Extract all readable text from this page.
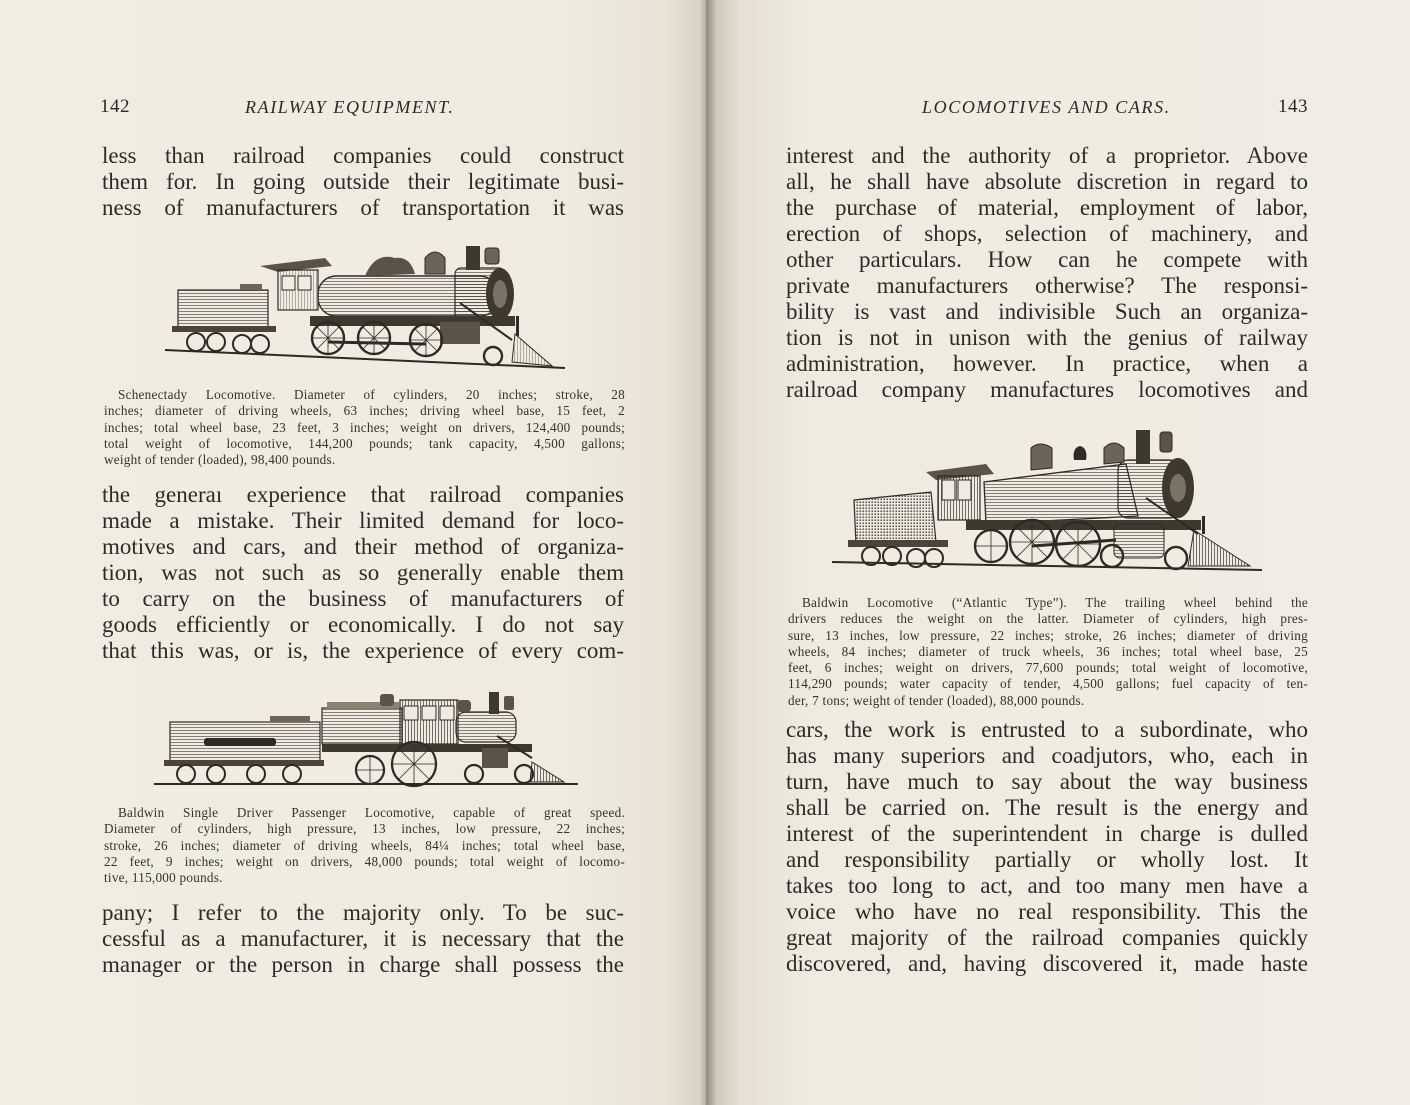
142	RAILWAY EQUIPMENT.
less than railroad companies could construct
them for. In going outside their legitimate busi-
ness of manufacturers of transportation it was
Schenectady Locomotive. Diameter of cylinders, 20 inches; stroke, 28
inches; diameter of driving wheels, 63 inches; driving wheel base, 15 feet, 2
inches; total wheel base, 23 feet, 3 inches; weight on drivers, 124,400 pounds;
total weight of locomotive, 144,200 pounds; tank capacity, 4,500 gallons;
weight of tender (loaded), 98,400 pounds.
the generaı experience that railroad companies
made a mistake. Their limited demand for loco-
motives and cars, and their method of organiza-
tion, was not such as so generally enable them
to carry on the business of manufacturers of
goods efficiently or economically. I do not say
that this was, or is, the experience of every com-
Baldwin Single Driver Passenger Locomotive, capable of great speed.
Diameter of cylinders, high pressure, 13 inches, low pressure, 22 inches;
stroke, 26 inches; diameter of driving wheels, 84¼ inches; total wheel base,
22 feet, 9 inches; weight on drivers, 48,000 pounds; total weight of locomo-
tive, 115,000 pounds.
pany; I refer to the majority only. To be suc-
cessful as a manufacturer, it is necessary that the
manager or the person in charge shall possess the
LOCOMOTIVES AND CARS.	143
interest and the authority of a proprietor. Above
all, he shall have absolute discretion in regard to
the purchase of material, employment of labor,
erection of shops, selection of machinery, and
other particulars. How can he compete with
private manufacturers otherwise? The responsi-
bility is vast and indivisible Such an organiza-
tion is not in unison with the genius of railway
administration, however. In practice, when a
railroad company manufactures locomotives and
Baldwin Locomotive (“Atlantic Type”). The trailing wheel behind the
drivers reduces the weight on the latter. Diameter of cylinders, high pres-
sure, 13 inches, low pressure, 22 inches; stroke, 26 inches; diameter of driving
wheels, 84 inches; diameter of truck wheels, 36 inches; total wheel base, 25
feet, 6 inches; weight on drivers, 77,600 pounds; total weight of locomotive,
114,290 pounds; water capacity of tender, 4,500 gallons; fuel capacity of ten-
der, 7 tons; weight of tender (loaded), 88,000 pounds.
cars, the work is entrusted to a subordinate, who
has many superiors and coadjutors, who, each in
turn, have much to say about the way business
shall be carried on. The result is the energy and
interest of the superintendent in charge is dulled
and responsibility partially or wholly lost. It
takes too long to act, and too many men have a
voice who have no real responsibility. This the
great majority of the railroad companies quickly
discovered, and, having discovered it, made haste
